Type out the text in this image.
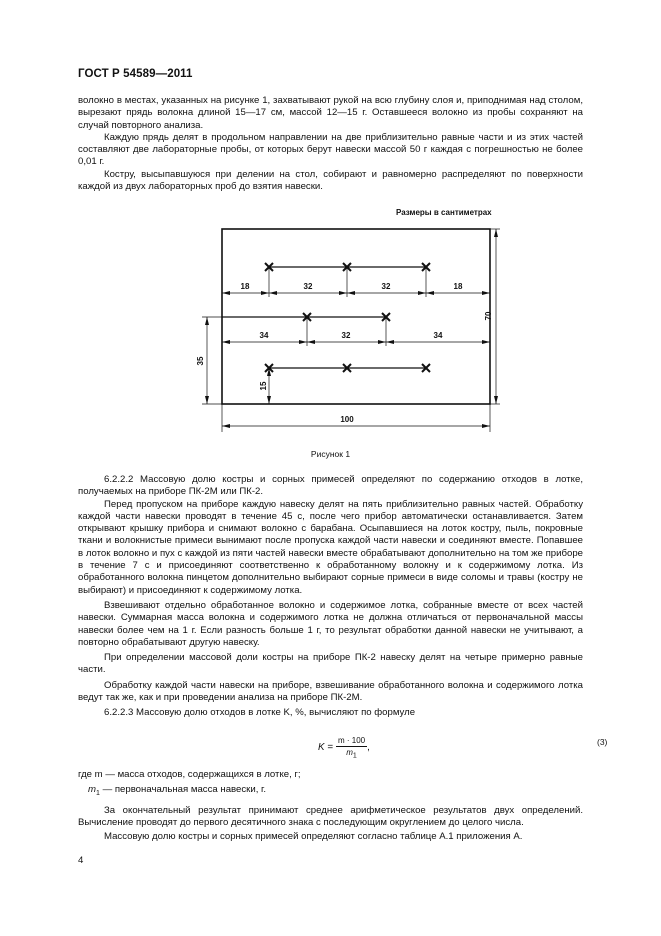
ГОСТ Р 54589—2011

волокно в местах, указанных на рисунке 1, захватывают рукой на всю глубину слоя и, приподнимая над столом, вырезают прядь волокна длиной 15—17 см, массой 12—15 г. Оставшееся волокно из пробы сохраняют на случай повторного анализа.

Каждую прядь делят в продольном направлении на две приблизительно равные части и из этих частей составляют две лабораторные пробы, от которых берут навески массой 50 г каждая с погрешностью не более 0,01 г.

Костру, высыпавшуюся при делении на стол, собирают и равномерно распределяют по поверхности каждой из двух лабораторных проб до взятия навески.

Размеры в сантиметрах
18	32	32	18
34	32	34
15
70
35
100
Рисунок 1

6.2.2.2 Массовую долю костры и сорных примесей определяют по содержанию отходов в лотке, получаемых на приборе ПК-2М или ПК-2.

Перед пропуском на приборе каждую навеску делят на пять приблизительно равных частей. Обработку каждой части навески проводят в течение 45 с, после чего прибор автоматически останавливается. Затем открывают крышку прибора и снимают волокно с барабана. Осыпавшиеся на лоток костру, пыль, покровные ткани и волокнистые примеси вынимают после пропуска каждой части навески и соединяют вместе. Попавшее в лоток волокно и пух с каждой из пяти частей навески вместе обрабатывают дополнительно на том же приборе в течение 7 с и присоединяют соответственно к обработанному волокну и к содержимому лотка. Из обработанного волокна пинцетом дополнительно выбирают сорные примеси в виде соломы и травы (костру не выбирают) и присоединяют к содержимому лотка.

Взвешивают отдельно обработанное волокно и содержимое лотка, собранные вместе от всех частей навески. Суммарная масса волокна и содержимого лотка не должна отличаться от первоначальной массы навески более чем на 1 г. Если разность больше 1 г, то результат обработки данной навески не учитывают, а повторно обрабатывают другую навеску.

При определении массовой доли костры на приборе ПК-2 навеску делят на четыре примерно равные части.

Обработку каждой части навески на приборе, взвешивание обработанного волокна и содержимого лотка ведут так же, как и при проведении анализа на приборе ПК-2М.

6.2.2.3 Массовую долю отходов в лотке K, %, вычисляют по формуле

$K = \frac{m \cdot 100}{m_1}$ ,
(3)

где m — масса отходов, содержащихся в лотке, г;

$m_1$ — первоначальная масса навески, г.

За окончательный результат принимают среднее арифметическое результатов двух определений. Вычисление проводят до первого десятичного знака с последующим округлением до целого числа.

Массовую долю костры и сорных примесей определяют согласно таблице А.1 приложения А.

4
